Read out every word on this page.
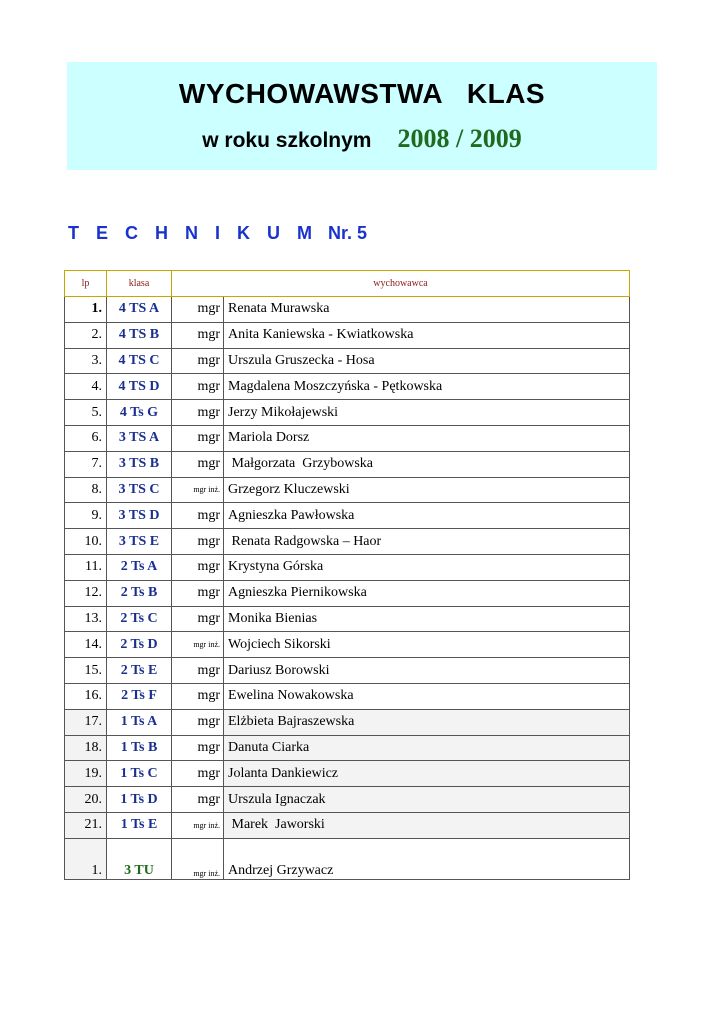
WYCHOWAWSTWA   KLAS
w roku szkolnym 2008 / 2009
T E C H N I K U M  Nr. 5
lp	klasa	wychowawca	
1.	4 TS A	mgr	Renata Murawska
2.	4 TS B	mgr	Anita Kaniewska - Kwiatkowska
3.	4 TS C	mgr	Urszula Gruszecka - Hosa
4.	4 TS D	mgr	Magdalena Moszczyńska - Pętkowska
5.	4 Ts G	mgr	Jerzy Mikołajewski
6.	3 TS A	mgr	Mariola Dorsz
7.	3 TS B	mgr	Małgorzata  Grzybowska
8.	3 TS C	mgr inż.	Grzegorz Kluczewski
9.	3 TS D	mgr	Agnieszka Pawłowska
10.	3 TS E	mgr	Renata Radgowska – Haor
11.	2 Ts A	mgr	Krystyna Górska
12.	2 Ts B	mgr	Agnieszka Piernikowska
13.	2 Ts C	mgr	Monika Bienias
14.	2 Ts D	mgr inż.	Wojciech Sikorski
15.	2 Ts E	mgr	Dariusz Borowski
16.	2 Ts F	mgr	Ewelina Nowakowska
17.	1 Ts A	mgr	Elżbieta Bajraszewska
18.	1 Ts B	mgr	Danuta Ciarka
19.	1 Ts C	mgr	Jolanta Dankiewicz
20.	1 Ts D	mgr	Urszula Ignaczak
21.	1 Ts E	mgr inż.	Marek  Jaworski
1.	3 TU	mgr inż.	Andrzej Grzywacz
